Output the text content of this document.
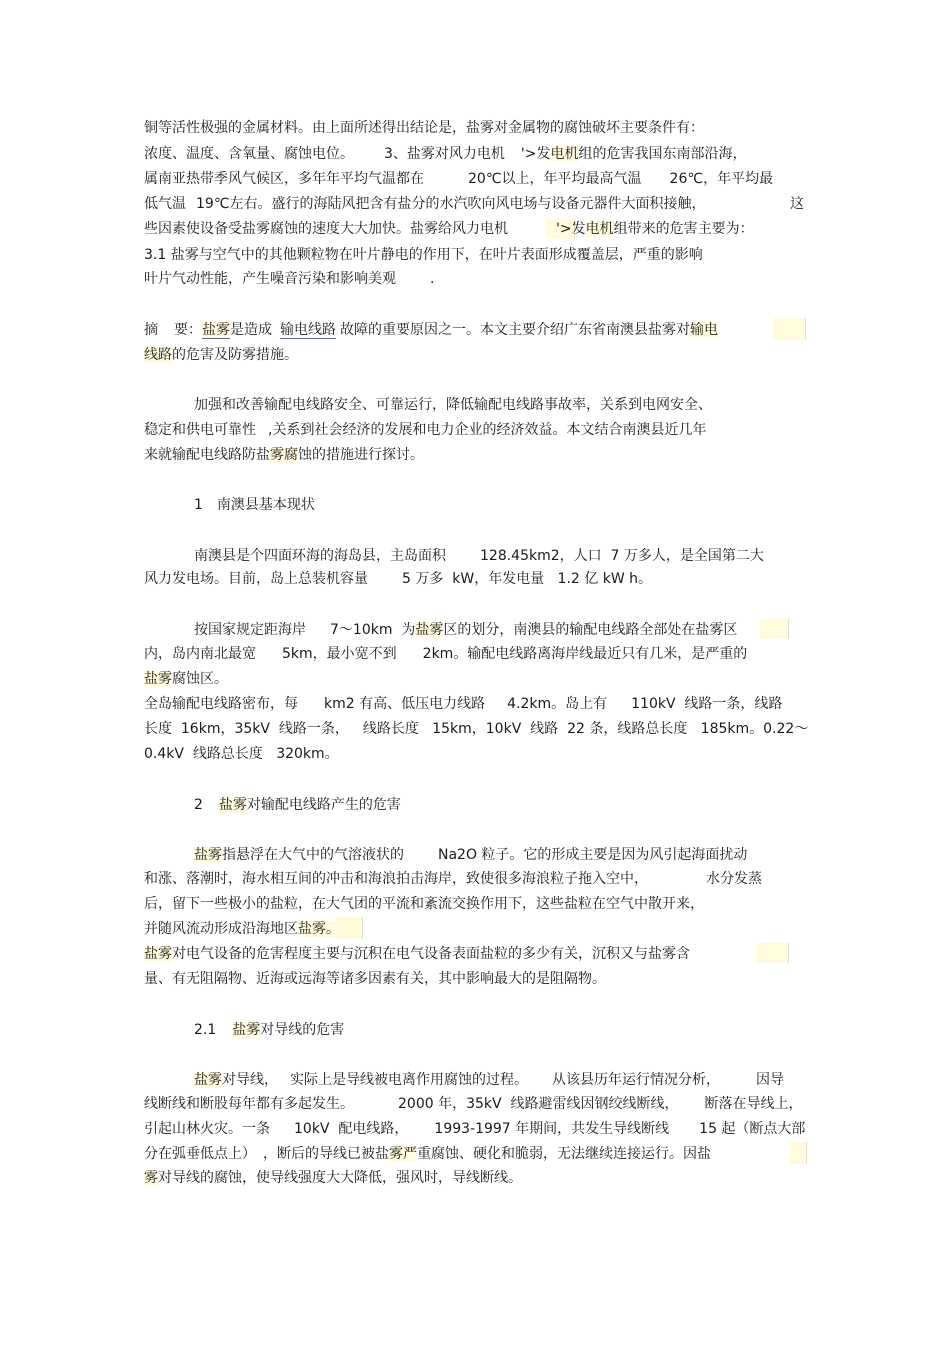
铜等活性极强的金属材料。由上面所述得出结论是，盐雾对金属物的腐蚀破坏主要条件有：
浓度、温度、含氧量、腐蚀电位。 3、盐雾对风力电机 '>发电机组的危害我国东南部沿海，
属南亚热带季风气候区，多年年平均气温都在	20℃以上，年平均最高气温 26℃，年平均最
低气温 19℃左右。盛行的海陆风把含有盐分的水汽吹向风电场与设备元器件大面积接触，	这
些因素使设备受盐雾腐蚀的速度大大加快。盐雾给风力电机	'>发电机组带来的危害主要为：
3.1 盐雾与空气中的其他颗粒物在叶片静电的作用下，在叶片表面形成覆盖层，严重的影响
叶片气动性能，产生噪音污染和影响美观 .
摘 要：盐雾是造成 输电线路 故障的重要原因之一。本文主要介绍广东省南澳县盐雾对输电
线路的危害及防雾措施。
加强和改善输配电线路安全、可靠运行，降低输配电线路事故率，关系到电网安全、
稳定和供电可靠性 ,关系到社会经济的发展和电力企业的经济效益。本文结合南澳县近几年
来就输配电线路防盐雾腐蚀的措施进行探讨。
1 南澳县基本现状
南澳县是个四面环海的海岛县，主岛面积 128.45km2，人口  7 万多人，是全国第二大
风力发电场。目前，岛上总装机容量 5 万多  kW，年发电量   1.2 亿 kW h。
按国家规定距海岸 7～10km  为盐雾区的划分，南澳县的输配电线路全部处在盐雾区
内，岛内南北最宽 5km，最小宽不到 2km。输配电线路离海岸线最近只有几米，是严重的
盐雾腐蚀区。
全岛输配电线路密布，每 km2 有高、低压电力线路 4.2km。岛上有 110kV  线路一条，线路
长度  16km，35kV  线路一条， 线路长度   15km，10kV  线路  22 条，线路总长度   185km。0.22～
0.4kV  线路总长度   320km。
2 盐雾对输配电线路产生的危害
盐雾指悬浮在大气中的气溶液状的 Na2O 粒子。它的形成主要是因为风引起海面扰动
和涨、落潮时，海水相互间的冲击和海浪拍击海岸，致使很多海浪粒子拖入空中，	水分发蒸
后，留下一些极小的盐粒，在大气团的平流和紊流交换作用下，这些盐粒在空气中散开来，
并随风流动形成沿海地区盐雾。
盐雾对电气设备的危害程度主要与沉积在电气设备表面盐粒的多少有关，沉积又与盐雾含
量、有无阻隔物、近海或远海等诸多因素有关，其中影响最大的是阻隔物。
2.1 盐雾对导线的危害
盐雾对导线， 实际上是导线被电离作用腐蚀的过程。 从该县历年运行情况分析，	因导
线断线和断股每年都有多起发生。	2000 年，35kV  线路避雷线因钢绞线断线， 断落在导线上，
引起山林火灾。一条 10kV  配电线路， 1993-1997 年期间，共发生导线断线 15 起（断点大部
分在弧垂低点上） ，断后的导线已被盐雾严重腐蚀、硬化和脆弱，无法继续连接运行。因盐
雾对导线的腐蚀，使导线强度大大降低，强风时，导线断线。
